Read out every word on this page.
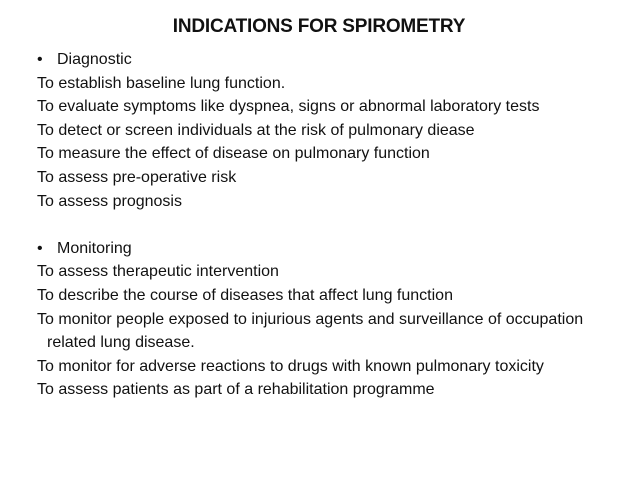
INDICATIONS FOR SPIROMETRY
• Diagnostic
To establish baseline lung function.
To evaluate symptoms like dyspnea, signs or abnormal laboratory tests
To detect or screen individuals at the risk of pulmonary diease
To measure the effect of disease on pulmonary function
To assess pre-operative risk
To assess prognosis
• Monitoring
To assess therapeutic intervention
To describe the course of diseases that affect lung function
To monitor people exposed to injurious agents and surveillance of occupation related lung disease.
To monitor for adverse reactions to drugs with known pulmonary toxicity
To assess patients as part of a rehabilitation programme
